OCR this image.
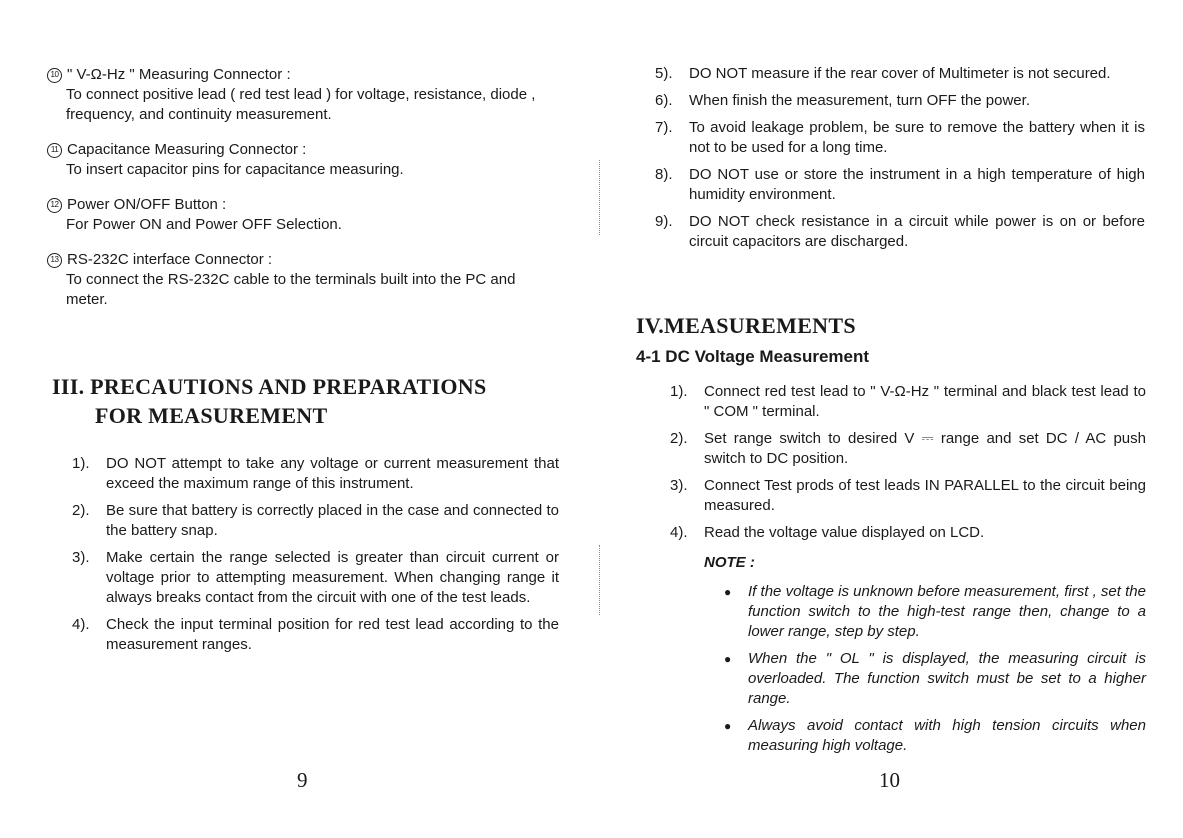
10 " V-Ω-Hz " Measuring Connector :
To connect positive lead ( red test lead ) for voltage, resistance, diode , frequency, and continuity measurement.
11 Capacitance Measuring Connector :
To insert capacitor pins for capacitance measuring.
12 Power ON/OFF Button :
For Power ON and Power OFF Selection.
13 RS-232C interface Connector :
To connect the RS-232C cable to the terminals built into the PC and meter.
III. PRECAUTIONS AND PREPARATIONS
FOR MEASUREMENT
1).	DO NOT attempt to take any voltage or current measurement that exceed the maximum range of this instrument.
2).	Be sure that battery is correctly placed in the case and connected to the battery snap.
3).	Make certain the range selected is greater than circuit current or voltage prior to attempting measurement. When changing range it always breaks contact from the circuit with one of the test leads.
4).	Check the input terminal position for red test lead according to the measurement ranges.
9
5).	DO NOT measure if the rear cover of Multimeter is not secured.
6).	When finish the measurement, turn OFF the power.
7).	To avoid leakage problem, be sure to remove the battery when it is not to be used for a long time.
8).	DO NOT use or store the instrument in a high temperature of high humidity environment.
9).	DO NOT check resistance in a circuit while power is on or before circuit capacitors are discharged.
IV.MEASUREMENTS
4-1 DC Voltage Measurement
1).	Connect red test lead to " V-Ω-Hz " terminal and black test lead to " COM " terminal.
2).	Set range switch to desired V ⎓ range and set DC / AC push switch to DC position.
3).	Connect Test prods of test leads IN PARALLEL to the circuit being measured.
4).	Read the voltage value displayed on LCD.
NOTE :
●	If the voltage is unknown before measurement, first , set the function switch to the high-test range then, change to a lower range, step by step.
●	When the " OL " is displayed, the measuring circuit is overloaded. The function switch must be set to a higher range.
●	Always avoid contact with high tension circuits when measuring high voltage.
10
